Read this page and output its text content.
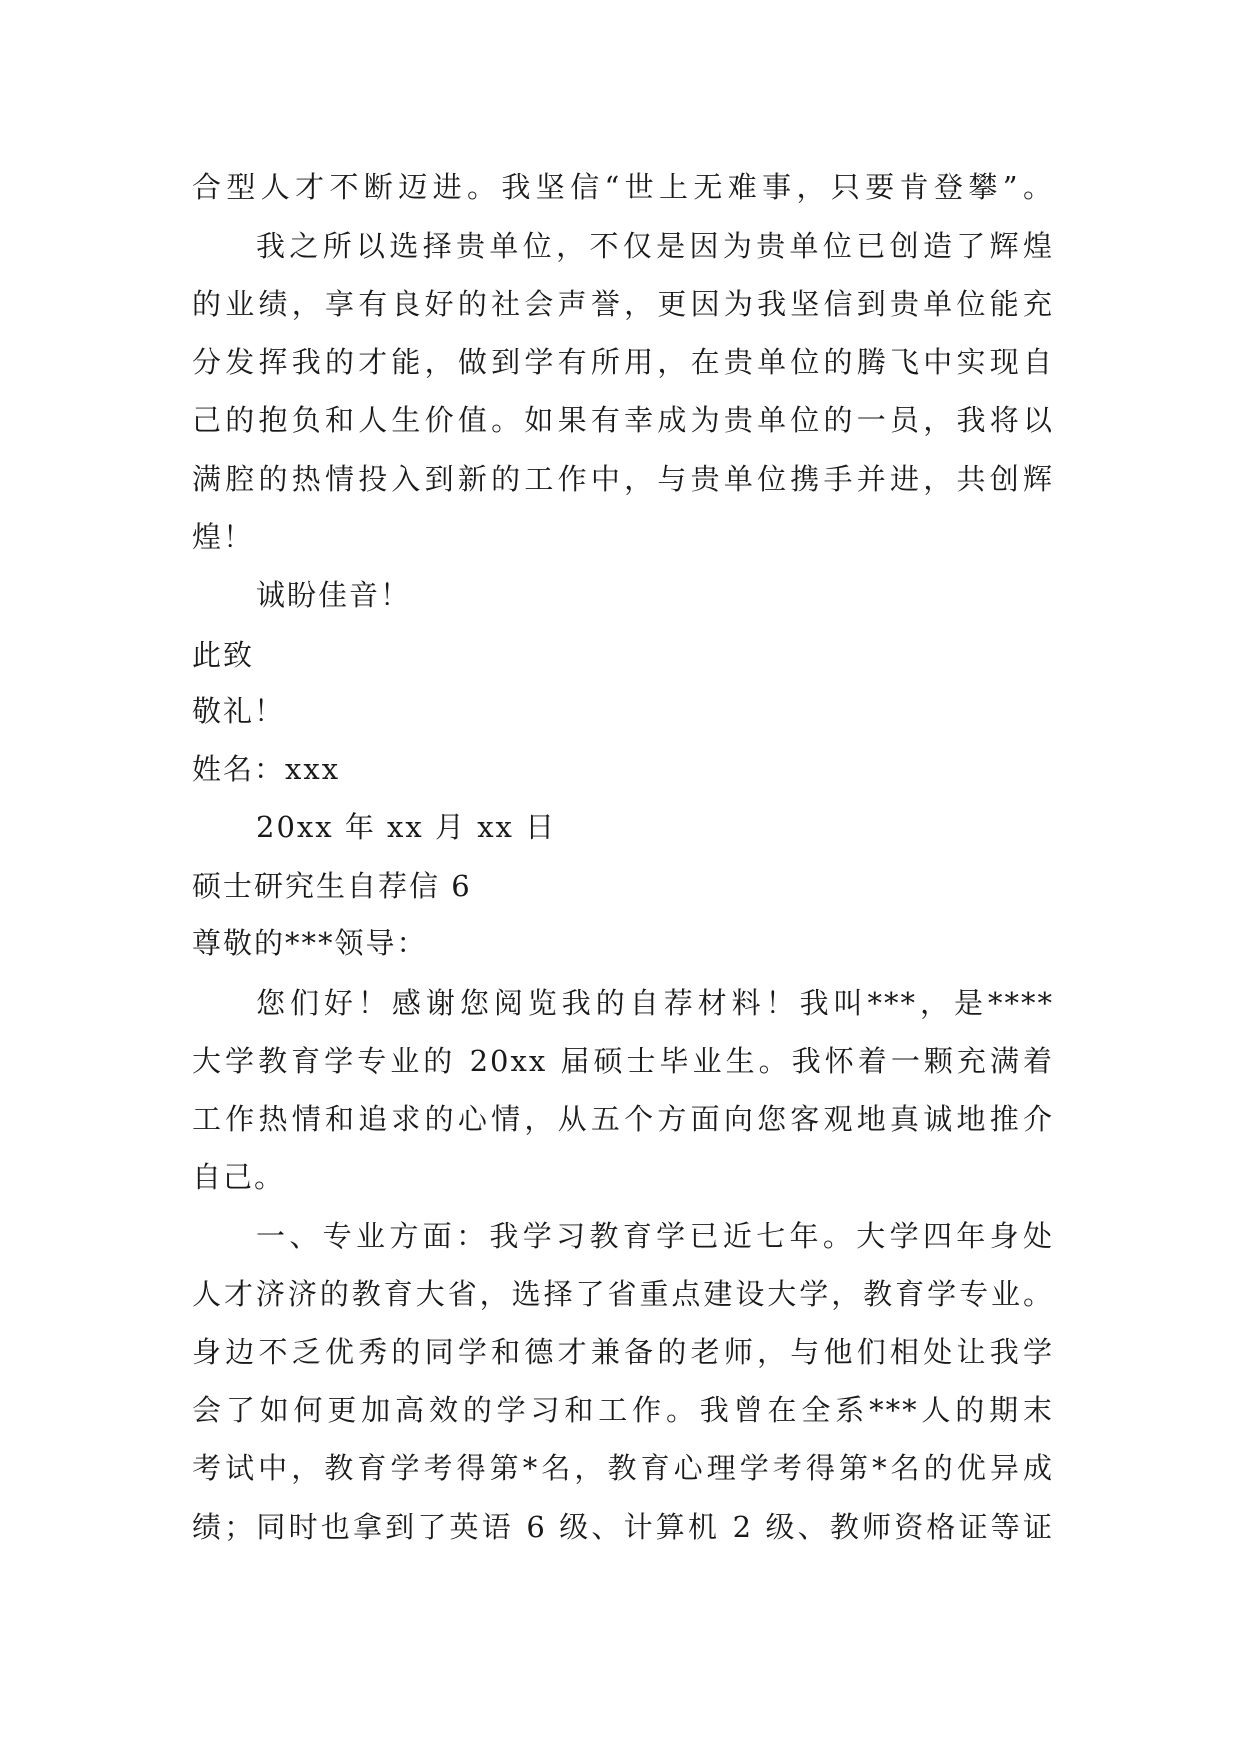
合型人才不断迈进。我坚信“世上无难事，只要肯登攀”。
我之所以选择贵单位，不仅是因为贵单位已创造了辉煌
的业绩，享有良好的社会声誉，更因为我坚信到贵单位能充
分发挥我的才能，做到学有所用，在贵单位的腾飞中实现自
己的抱负和人生价值。如果有幸成为贵单位的一员，我将以
满腔的热情投入到新的工作中，与贵单位携手并进，共创辉
煌！
诚盼佳音！
此致
敬礼！
姓名：xxx
20xx 年 xx 月 xx 日
硕士研究生自荐信 6
尊敬的***领导：
您们好！感谢您阅览我的自荐材料！我叫***，是****
大学教育学专业的 20xx 届硕士毕业生。我怀着一颗充满着
工作热情和追求的心情，从五个方面向您客观地真诚地推介
自己。
一、专业方面：我学习教育学已近七年。大学四年身处
人才济济的教育大省，选择了省重点建设大学，教育学专业。
身边不乏优秀的同学和德才兼备的老师，与他们相处让我学
会了如何更加高效的学习和工作。我曾在全系***人的期末
考试中，教育学考得第*名，教育心理学考得第*名的优异成
绩；同时也拿到了英语 6 级、计算机 2 级、教师资格证等证
